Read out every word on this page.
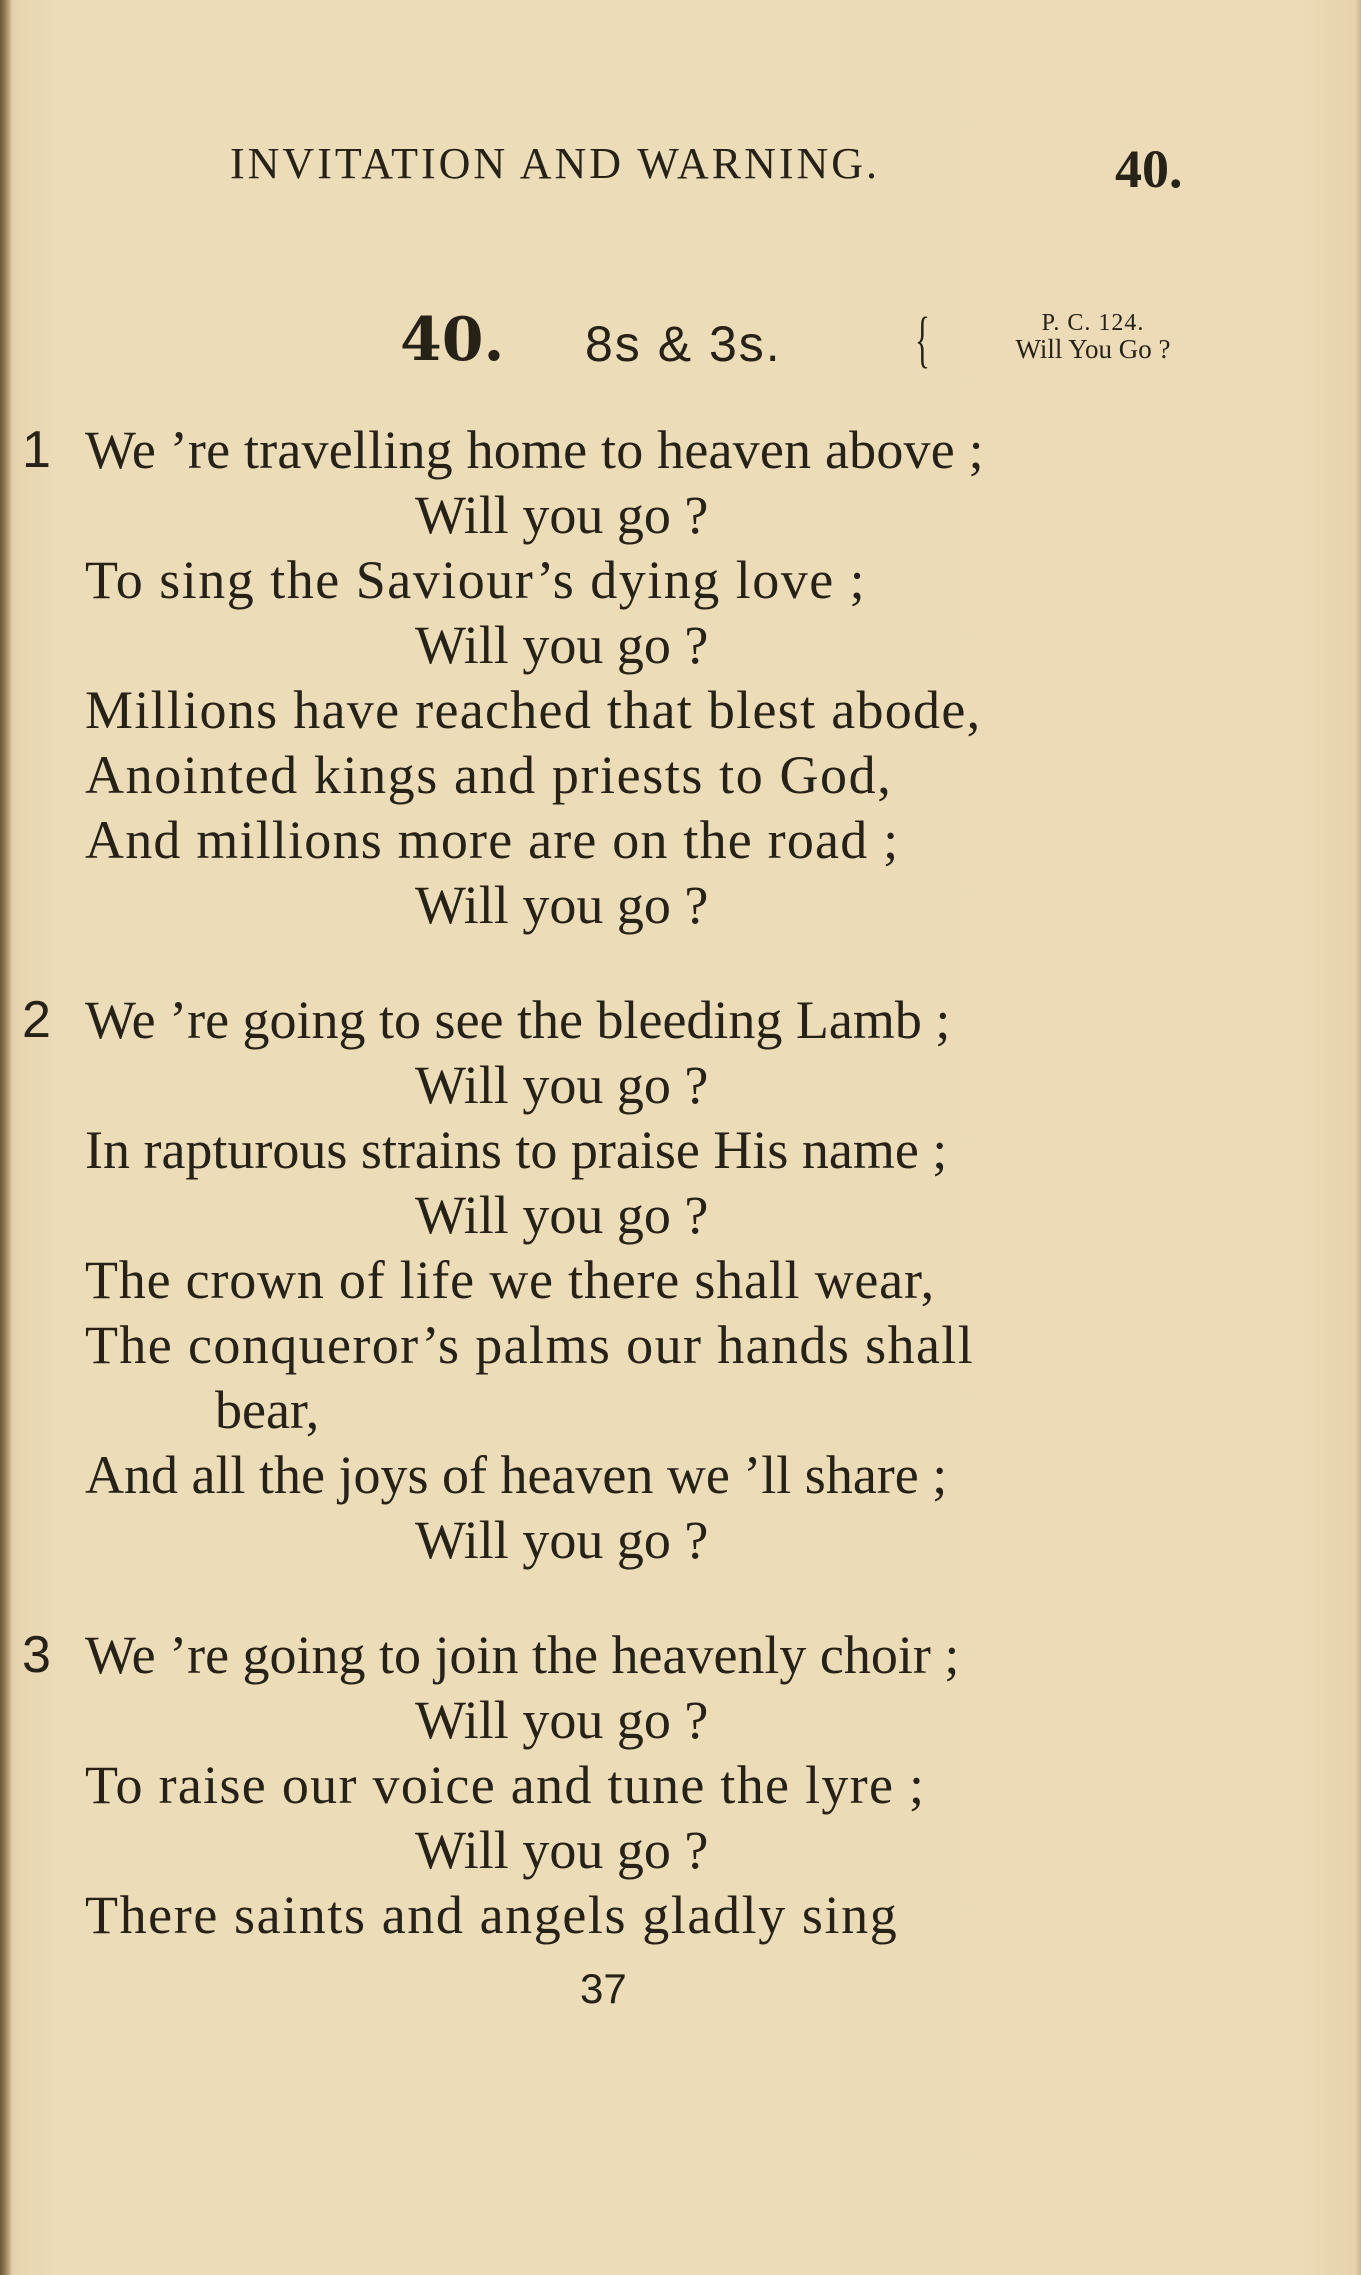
INVITATION AND WARNING.	40.
40. 8s & 3s. {	P. C. 124.
Will You Go ?
1 We ’re travelling home to heaven above ;
Will you go ?
To sing the Saviour’s dying love ;
Will you go ?
Millions have reached that blest abode,
Anointed kings and priests to God,
And millions more are on the road ;
Will you go ?
2 We ’re going to see the bleeding Lamb ;
Will you go ?
In rapturous strains to praise His name ;
Will you go ?
The crown of life we there shall wear,
The conqueror’s palms our hands shall
bear,
And all the joys of heaven we ’ll share ;
Will you go ?
3 We ’re going to join the heavenly choir ;
Will you go ?
To raise our voice and tune the lyre ;
Will you go ?
There saints and angels gladly sing
37
